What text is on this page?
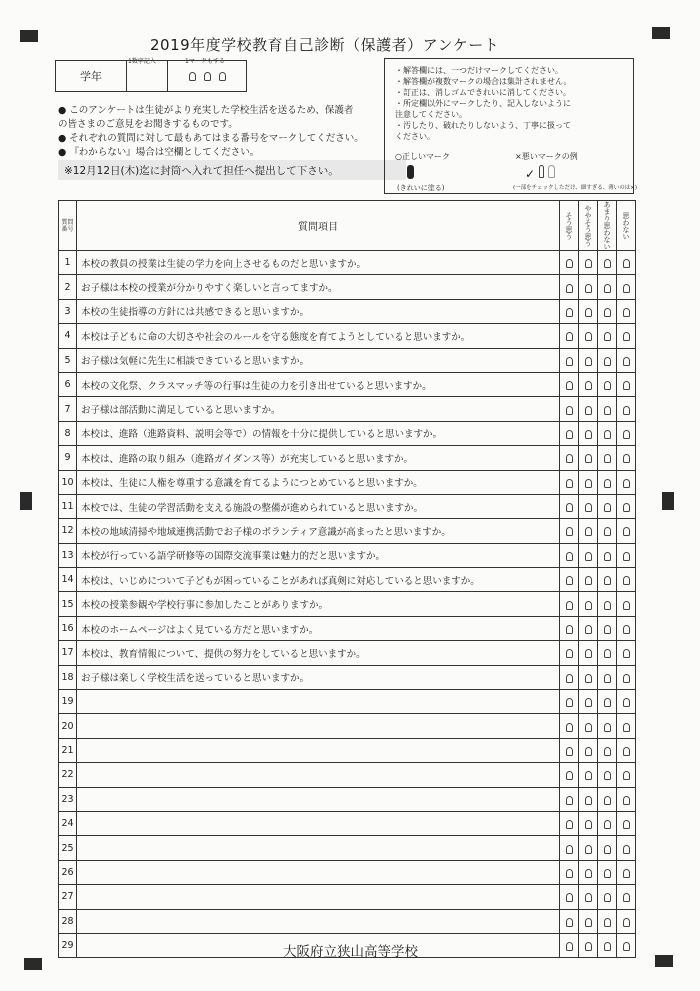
2019年度学校教育自己診断（保護者）アンケート
1数字記入	1マークもする
学年
● このアンケートは生徒がより充実した学校生活を送るため、保護者
の皆さまのご意見をお聞きするものです。
● それぞれの質問に対して最もあてはまる番号をマークしてください。
● 『わからない』場合は空欄としてください。
※12月12日(木)迄に封筒へ入れて担任へ提出して下さい。
・解答欄には、一つだけマークしてください。
・解答欄が複数マークの場合は集計されません。
・訂正は、消しゴムできれいに消してください。
・所定欄以外にマークしたり、記入しないように
注意してください。
・汚したり、破れたりしないよう、丁寧に扱って
ください。
○正しいマーク
(きれいに塗る)
×悪いマークの例
✓
(一部をチェックしただけ、細すぎる、薄いのは×)
質問番号	質問項目	そう思う	ややそう思う	あまり思わない	思わない

1	本校の教員の授業は生徒の学力を向上させるものだと思いますか。				
2	お子様は本校の授業が分かりやすく楽しいと言ってますか。				
3	本校の生徒指導の方針には共感できると思いますか。				
4	本校は子どもに命の大切さや社会のルールを守る態度を育てようとしていると思いますか。				
5	お子様は気軽に先生に相談できていると思いますか。				
6	本校の文化祭、クラスマッチ等の行事は生徒の力を引き出せていると思いますか。				
7	お子様は部活動に満足していると思いますか。				
8	本校は、進路（進路資料、説明会等で）の情報を十分に提供していると思いますか。				
9	本校は、進路の取り組み（進路ガイダンス等）が充実していると思いますか。				
10	本校は、生徒に人権を尊重する意識を育てるようにつとめていると思いますか。				
11	本校では、生徒の学習活動を支える施設の整備が進められていると思いますか。				
12	本校の地域清掃や地域連携活動でお子様のボランティア意識が高まったと思いますか。				
13	本校が行っている語学研修等の国際交流事業は魅力的だと思いますか。				
14	本校は、いじめについて子どもが困っていることがあれば真剣に対応していると思いますか。				
15	本校の授業参観や学校行事に参加したことがありますか。				
16	本校のホームページはよく見ている方だと思いますか。				
17	本校は、教育情報について、提供の努力をしていると思いますか。				
18	お子様は楽しく学校生活を送っていると思いますか。				
19					
20					
21					
22					
23					
24					
25					
26					
27					
28					
29						大阪府立狭山高等学校
